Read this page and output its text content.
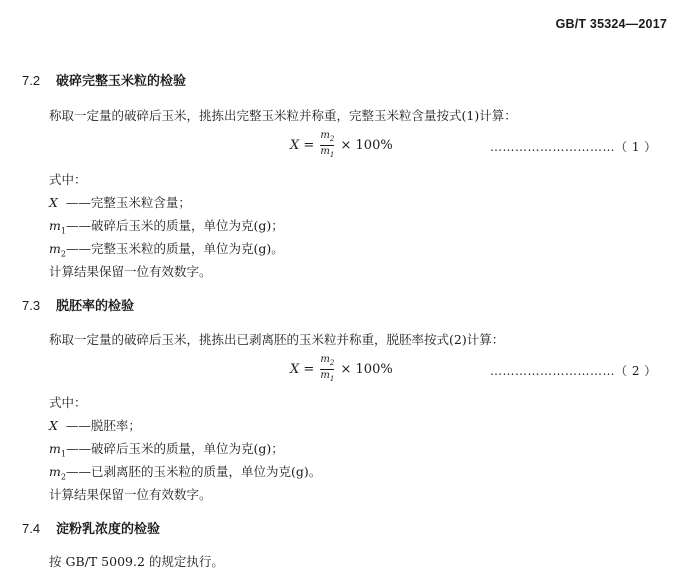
GB/T 35324—2017
7.2 破碎完整玉米粒的检验
称取一定量的破碎后玉米，挑拣出完整玉米粒并称重，完整玉米粒含量按式(1)计算：
$X = \frac{m_2}{m_1} \times 100\%$	…………………………（ 1 ）
式中：
X ——完整玉米粒含量；
$m_1——$破碎后玉米的质量，单位为克(g)；
$m_2——$完整玉米粒的质量，单位为克(g)。
计算结果保留一位有效数字。
7.3 脱胚率的检验
称取一定量的破碎后玉米，挑拣出已剥离胚的玉米粒并称重，脱胚率按式(2)计算：
$X = \frac{m_2}{m_1} \times 100\%$	…………………………（ 2 ）
式中：
X ——脱胚率；
$m_1——$破碎后玉米的质量，单位为克(g)；
$m_2——$已剥离胚的玉米粒的质量，单位为克(g)。
计算结果保留一位有效数字。
7.4 淀粉乳浓度的检验
按 GB/T 5009.2 的规定执行。
